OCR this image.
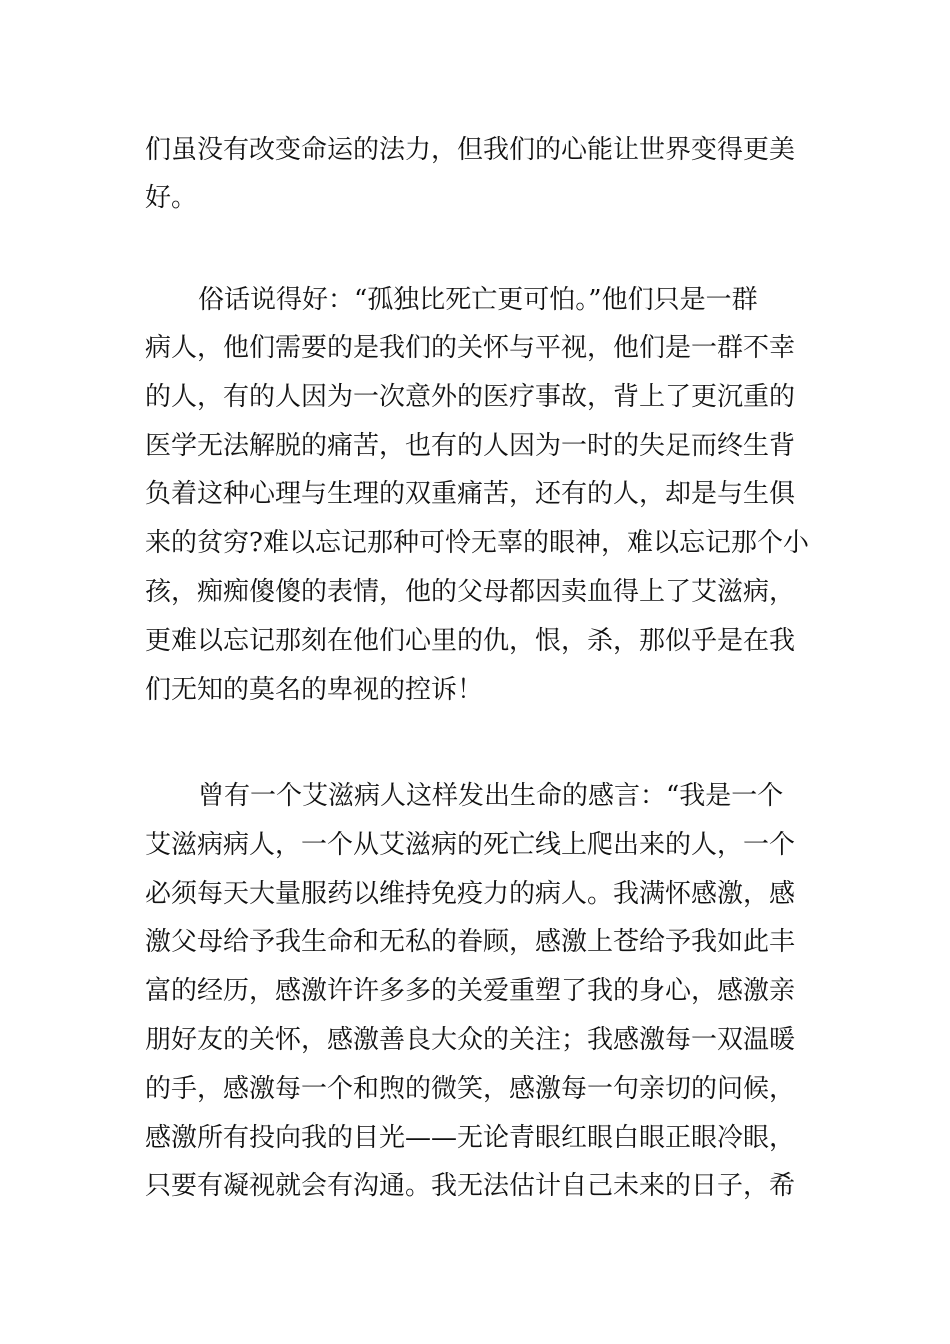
们虽没有改变命运的法力，但我们的心能让世界变得更美
好。
俗话说得好：“孤独比死亡更可怕。”他们只是一群
病人，他们需要的是我们的关怀与平视，他们是一群不幸
的人，有的人因为一次意外的医疗事故，背上了更沉重的
医学无法解脱的痛苦，也有的人因为一时的失足而终生背
负着这种心理与生理的双重痛苦，还有的人，却是与生俱
来的贫穷?难以忘记那种可怜无辜的眼神，难以忘记那个小
孩，痴痴傻傻的表情，他的父母都因卖血得上了艾滋病，
更难以忘记那刻在他们心里的仇，恨，杀，那似乎是在我
们无知的莫名的卑视的控诉！
曾有一个艾滋病人这样发出生命的感言：“我是一个
艾滋病病人，一个从艾滋病的死亡线上爬出来的人，一个
必须每天大量服药以维持免疫力的病人。我满怀感激，感
激父母给予我生命和无私的眷顾，感激上苍给予我如此丰
富的经历，感激许许多多的关爱重塑了我的身心，感激亲
朋好友的关怀，感激善良大众的关注；我感激每一双温暖
的手，感激每一个和煦的微笑，感激每一句亲切的问候，
感激所有投向我的目光——无论青眼红眼白眼正眼冷眼，
只要有凝视就会有沟通。我无法估计自己未来的日子，希
